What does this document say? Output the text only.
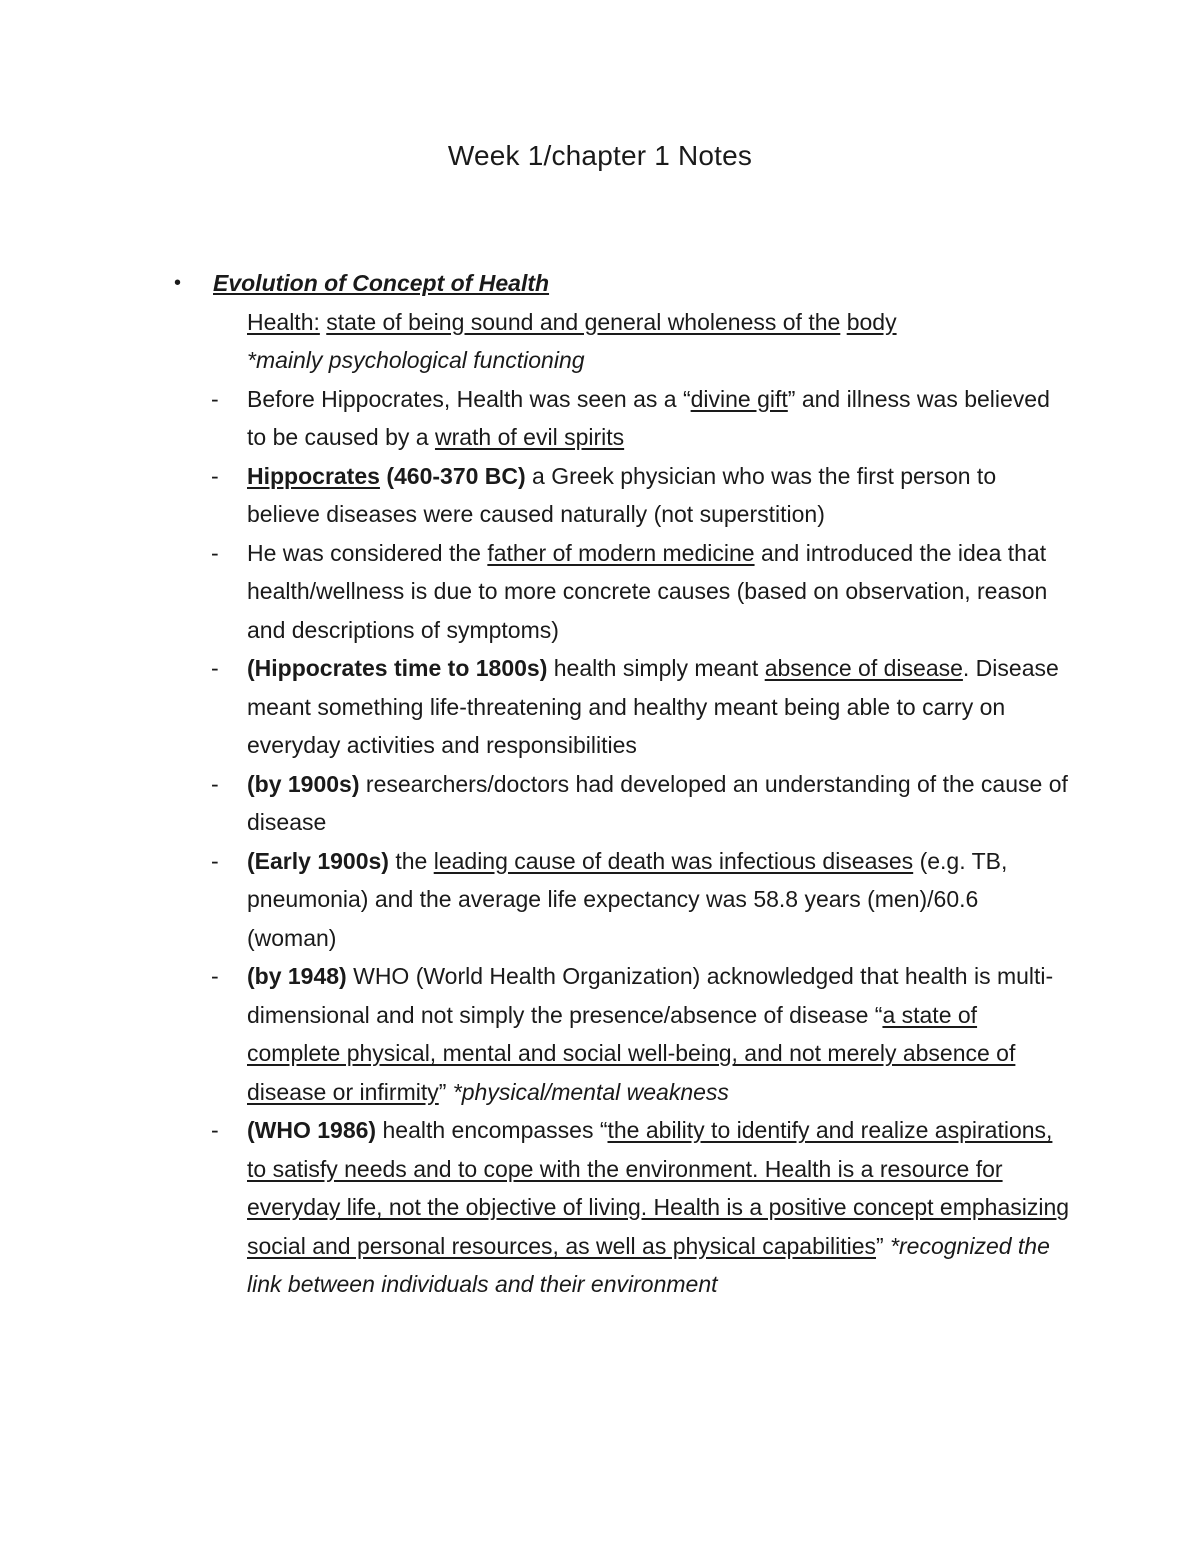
Week 1/chapter 1 Notes
• Evolution of Concept of Health
Health: state of being sound and general wholeness of the body
*mainly psychological functioning
- Before Hippocrates, Health was seen as a “divine gift” and illness was believed to be caused by a wrath of evil spirits
- Hippocrates (460-370 BC) a Greek physician who was the first person to believe diseases were caused naturally (not superstition)
- He was considered the father of modern medicine and introduced the idea that health/wellness is due to more concrete causes (based on observation, reason and descriptions of symptoms)
- (Hippocrates time to 1800s) health simply meant absence of disease. Disease meant something life-threatening and healthy meant being able to carry on everyday activities and responsibilities
- (by 1900s) researchers/doctors had developed an understanding of the cause of disease
- (Early 1900s) the leading cause of death was infectious diseases (e.g. TB, pneumonia) and the average life expectancy was 58.8 years (men)/60.6 (woman)
- (by 1948) WHO (World Health Organization) acknowledged that health is multi-dimensional and not simply the presence/absence of disease “a state of complete physical, mental and social well-being, and not merely absence of disease or infirmity” *physical/mental weakness
- (WHO 1986) health encompasses “the ability to identify and realize aspirations, to satisfy needs and to cope with the environment. Health is a resource for everyday life, not the objective of living. Health is a positive concept emphasizing social and personal resources, as well as physical capabilities” *recognized the link between individuals and their environment
